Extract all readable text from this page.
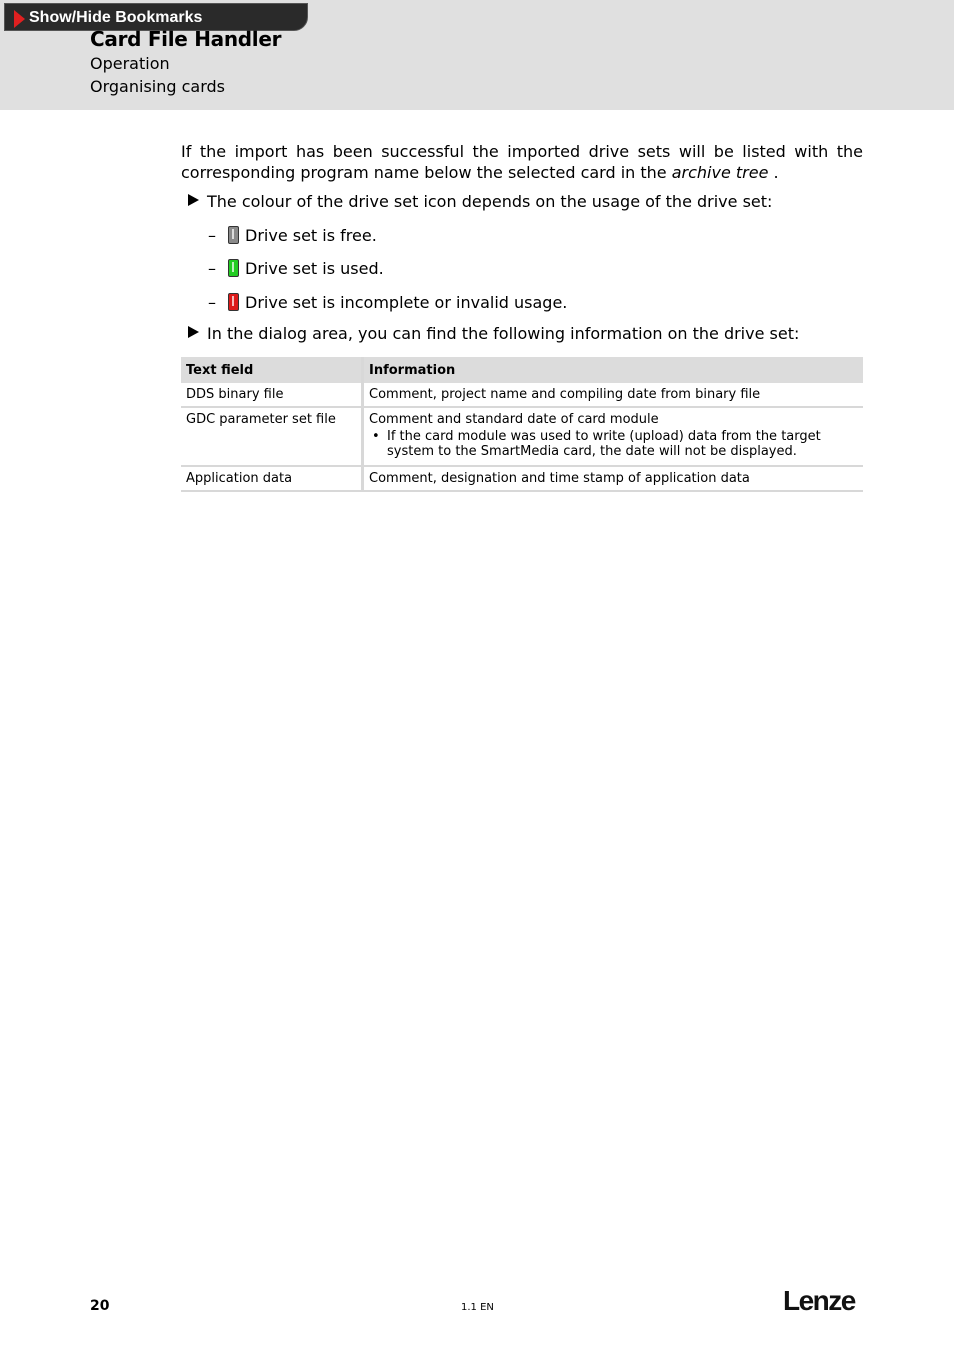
Show/Hide Bookmarks
Card File Handler
Operation
Organising cards
If the import has been successful the imported drive sets will be listed with the corresponding program name below the selected card in the archive tree .
The colour of the drive set icon depends on the usage of the drive set:
– Drive set is free.
– Drive set is used.
– Drive set is incomplete or invalid usage.
In the dialog area, you can find the following information on the drive set:
Text field	Information
DDS binary file	Comment, project name and compiling date from binary file
GDC parameter set file	Comment and standard date of card module
• If the card module was used to write (upload) data from the target system to the SmartMedia card, the date will not be displayed.

Application data	Comment, designation and time stamp of application data
20	1.1 EN	Lenze
